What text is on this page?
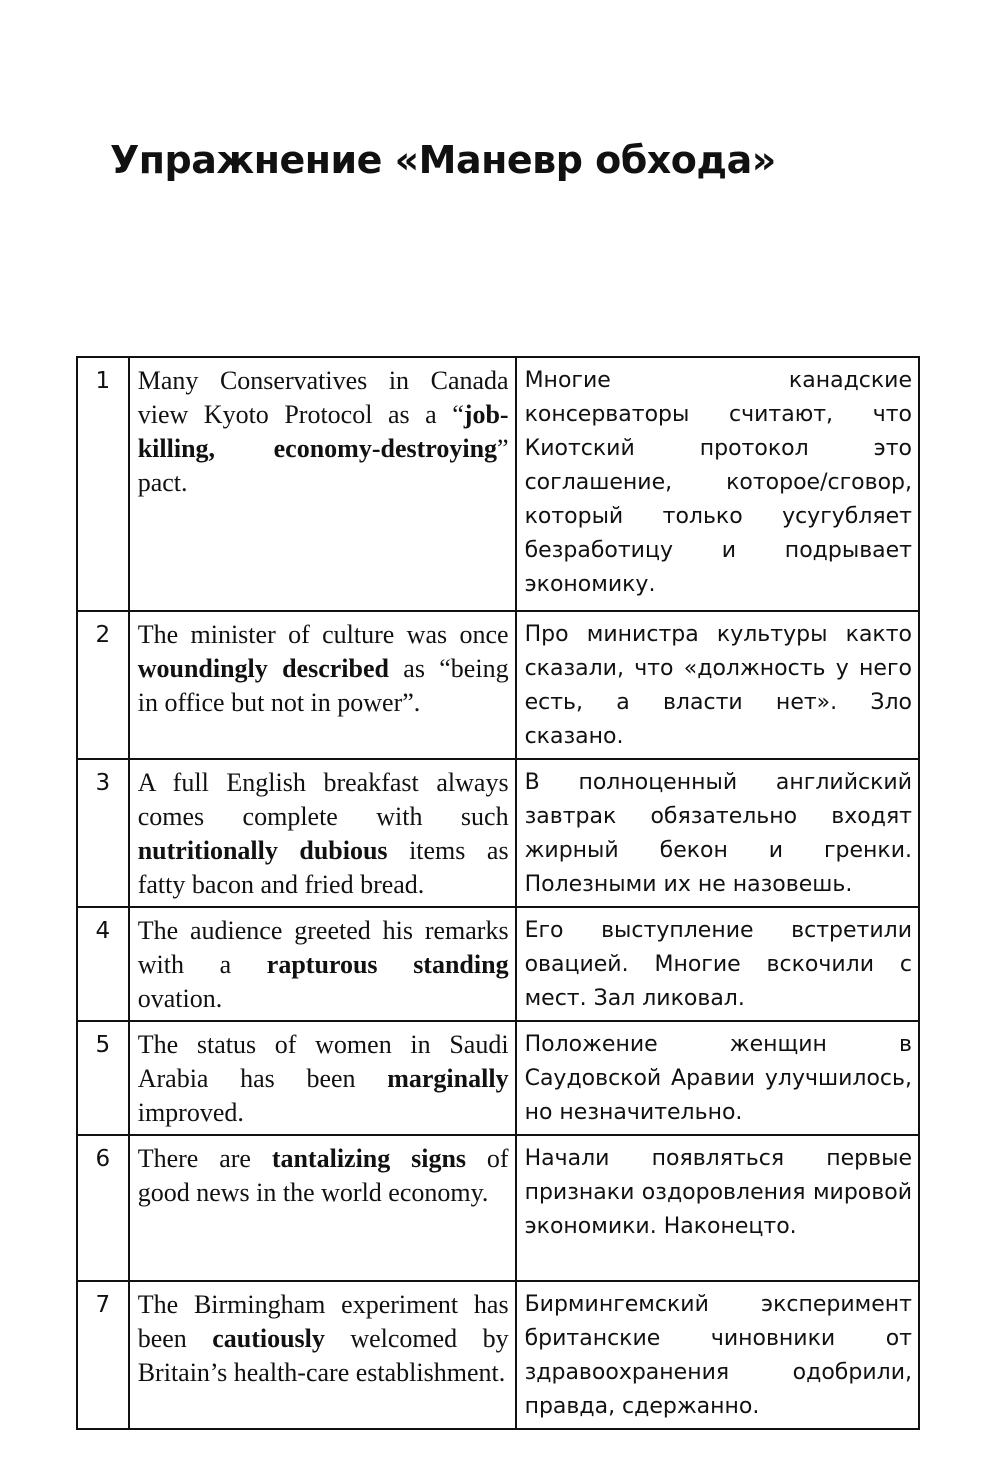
Упражнение «Маневр обхода»
1	Many Conservatives in Canada view Kyoto Protocol as a “job-killing, economy-destroying” pact.	Многие канадские консерваторы считают, что Киотский протокол это соглашение, которое/сговор, который только усугубляет безработицу и подрывает экономику.
2	The minister of culture was once woundingly described as “being in office but not in power”.	Про министра культуры както сказали, что «должность у него есть, а власти нет». Зло сказано.
3	A full English breakfast always comes complete with such nutritionally dubious items as fatty bacon and fried bread.	В полноценный английский завтрак обязательно входят жирный бекон и гренки. Полезными их не назовешь.
4	The audience greeted his remarks with a rapturous standing ovation.	Его выступление встретили овацией. Многие вскочили с мест. Зал ликовал.
5	The status of women in Saudi Arabia has been marginally improved.	Положение женщин в Саудовской Аравии улучшилось, но незначительно.
6	There are tantalizing signs of good news in the world economy.	Начали появляться первые признаки оздоровления мировой экономики. Наконецто.
7	The Birmingham experiment has been cautiously welcomed by Britain’s health-care establishment.	Бирмингемский эксперимент британские чиновники от здравоохранения одобрили, правда, сдержанно.
